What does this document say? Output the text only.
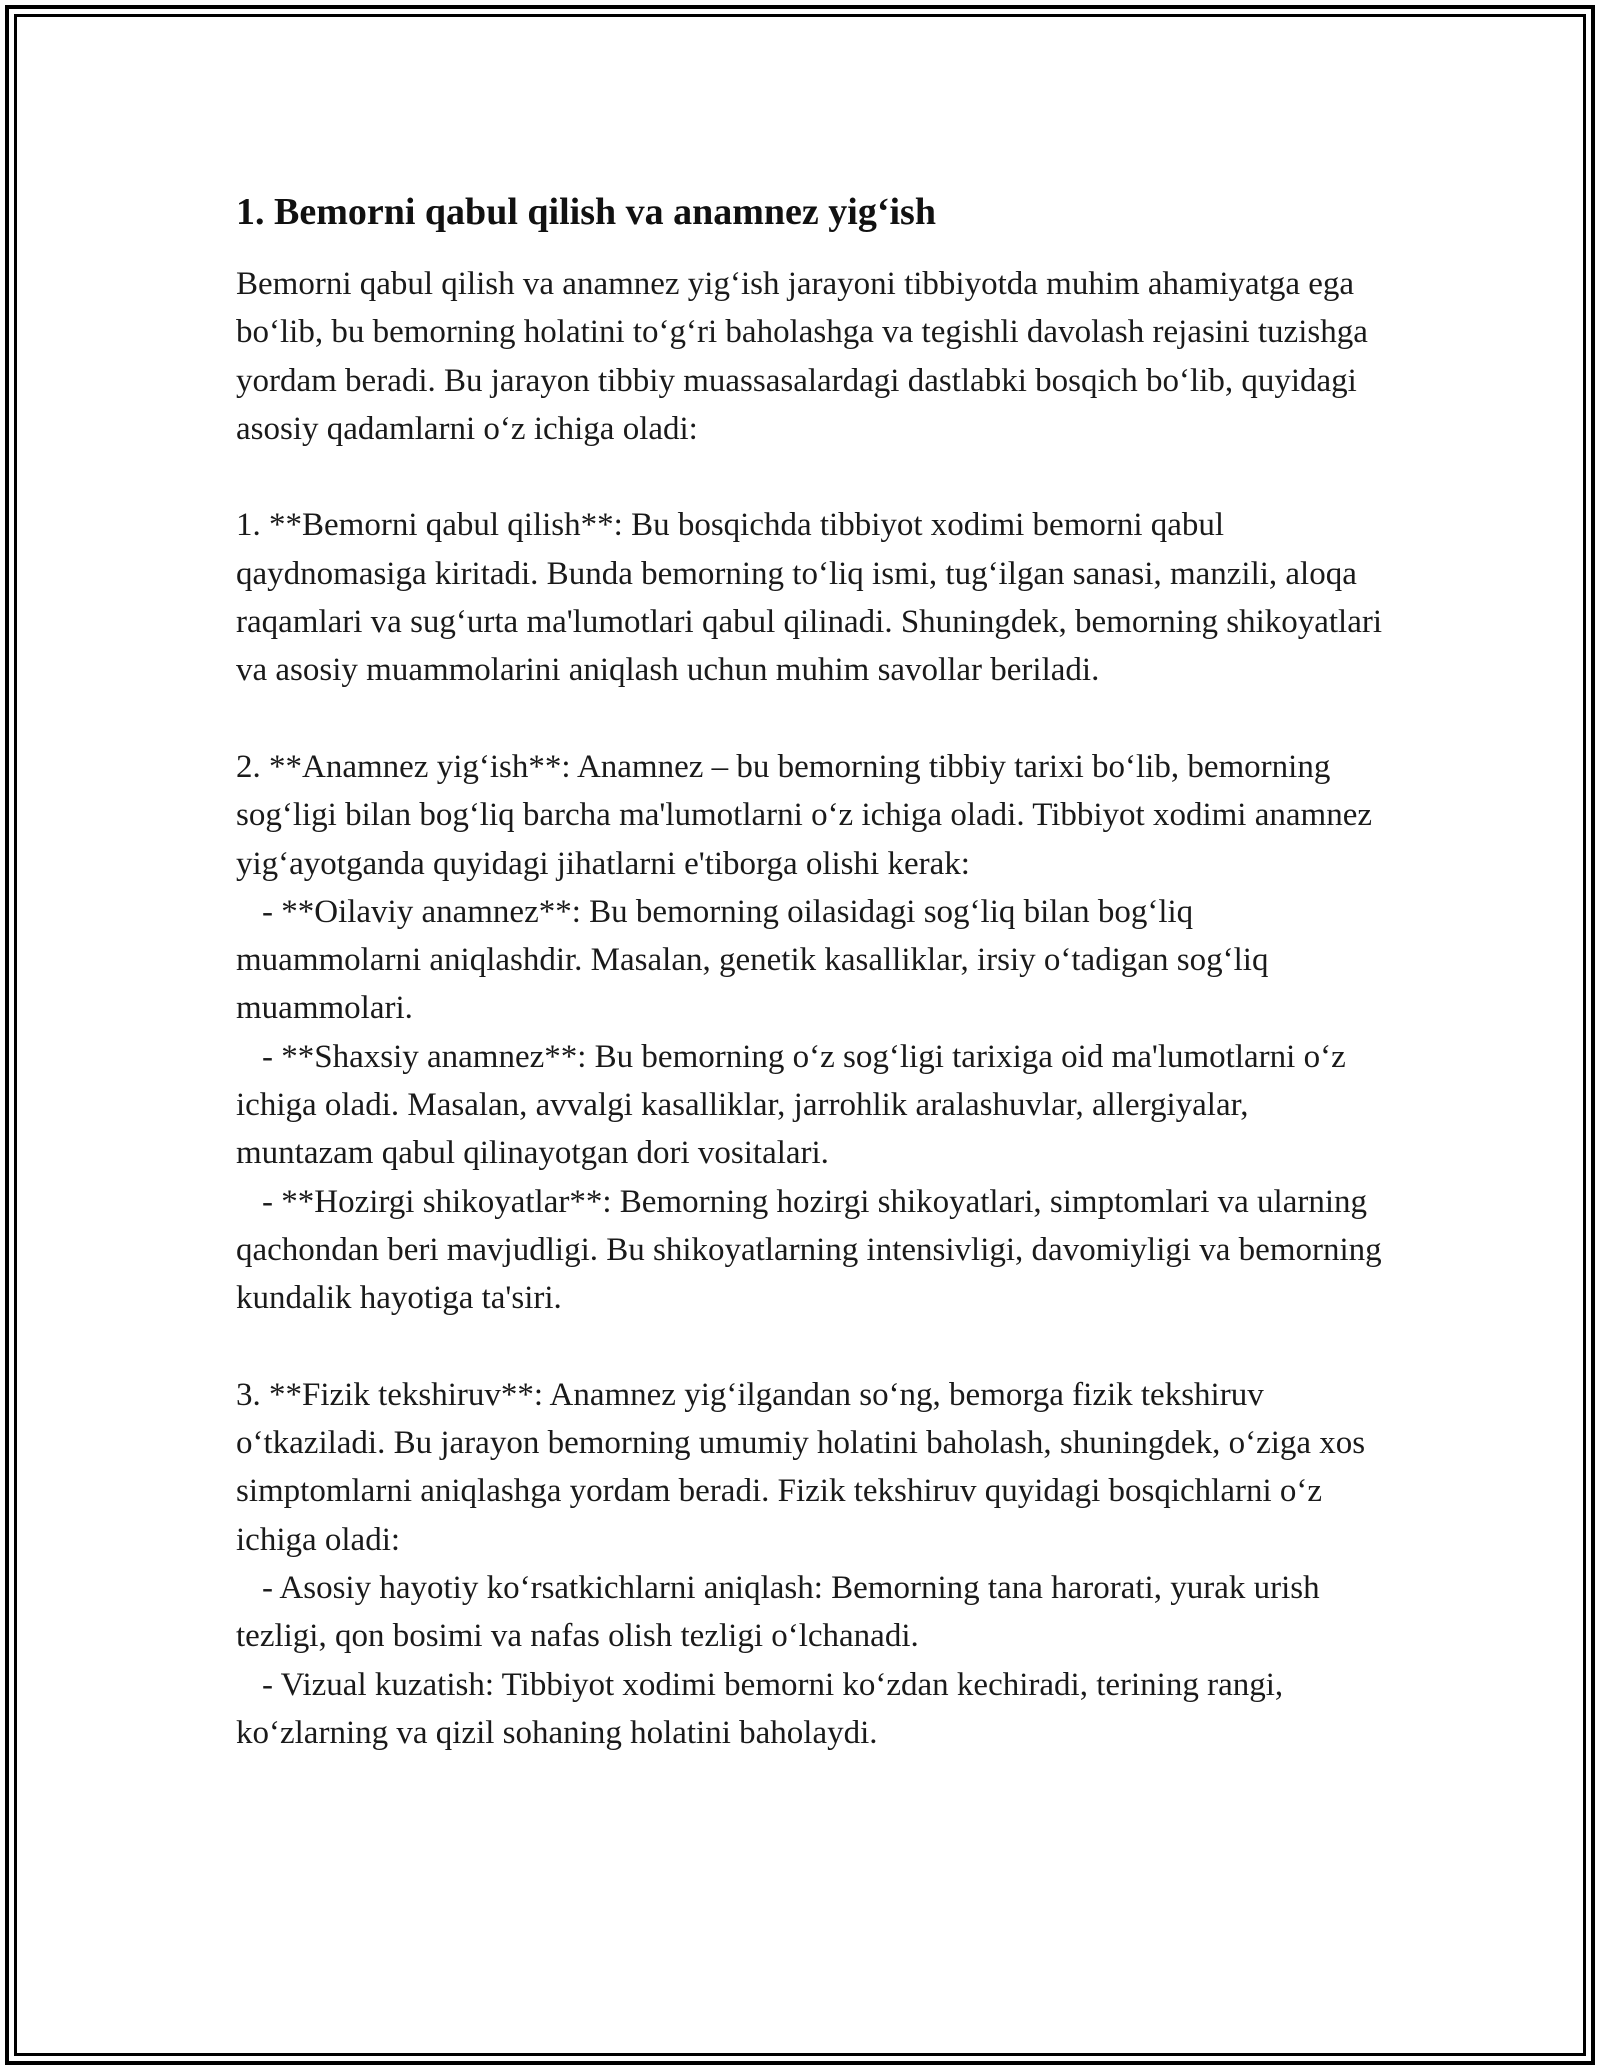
1. Bemorni qabul qilish va anamnez yig‘ish

Bemorni qabul qilish va anamnez yig‘ish jarayoni tibbiyotda muhim ahamiyatga ega bo‘lib, bu bemorning holatini to‘g‘ri baholashga va tegishli davolash rejasini tuzishga yordam beradi. Bu jarayon tibbiy muassasalardagi dastlabki bosqich bo‘lib, quyidagi asosiy qadamlarni o‘z ichiga oladi:

1. **Bemorni qabul qilish**: Bu bosqichda tibbiyot xodimi bemorni qabul qaydnomasiga kiritadi. Bunda bemorning to‘liq ismi, tug‘ilgan sanasi, manzili, aloqa raqamlari va sug‘urta ma'lumotlari qabul qilinadi. Shuningdek, bemorning shikoyatlari va asosiy muammolarini aniqlash uchun muhim savollar beriladi.

2. **Anamnez yig‘ish**: Anamnez – bu bemorning tibbiy tarixi bo‘lib, bemorning sog‘ligi bilan bog‘liq barcha ma'lumotlarni o‘z ichiga oladi. Tibbiyot xodimi anamnez yig‘ayotganda quyidagi jihatlarni e'tiborga olishi kerak:

- **Oilaviy anamnez**: Bu bemorning oilasidagi sog‘liq bilan bog‘liq muammolarni aniqlashdir. Masalan, genetik kasalliklar, irsiy o‘tadigan sog‘liq muammolari.

- **Shaxsiy anamnez**: Bu bemorning o‘z sog‘ligi tarixiga oid ma'lumotlarni o‘z ichiga oladi. Masalan, avvalgi kasalliklar, jarrohlik aralashuvlar, allergiyalar, muntazam qabul qilinayotgan dori vositalari.

- **Hozirgi shikoyatlar**: Bemorning hozirgi shikoyatlari, simptomlari va ularning qachondan beri mavjudligi. Bu shikoyatlarning intensivligi, davomiyligi va bemorning kundalik hayotiga ta'siri.

3. **Fizik tekshiruv**: Anamnez yig‘ilgandan so‘ng, bemorga fizik tekshiruv o‘tkaziladi. Bu jarayon bemorning umumiy holatini baholash, shuningdek, o‘ziga xos simptomlarni aniqlashga yordam beradi. Fizik tekshiruv quyidagi bosqichlarni o‘z ichiga oladi:

- Asosiy hayotiy ko‘rsatkichlarni aniqlash: Bemorning tana harorati, yurak urish tezligi, qon bosimi va nafas olish tezligi o‘lchanadi.

- Vizual kuzatish: Tibbiyot xodimi bemorni ko‘zdan kechiradi, terining rangi, ko‘zlarning va qizil sohaning holatini baholaydi.
